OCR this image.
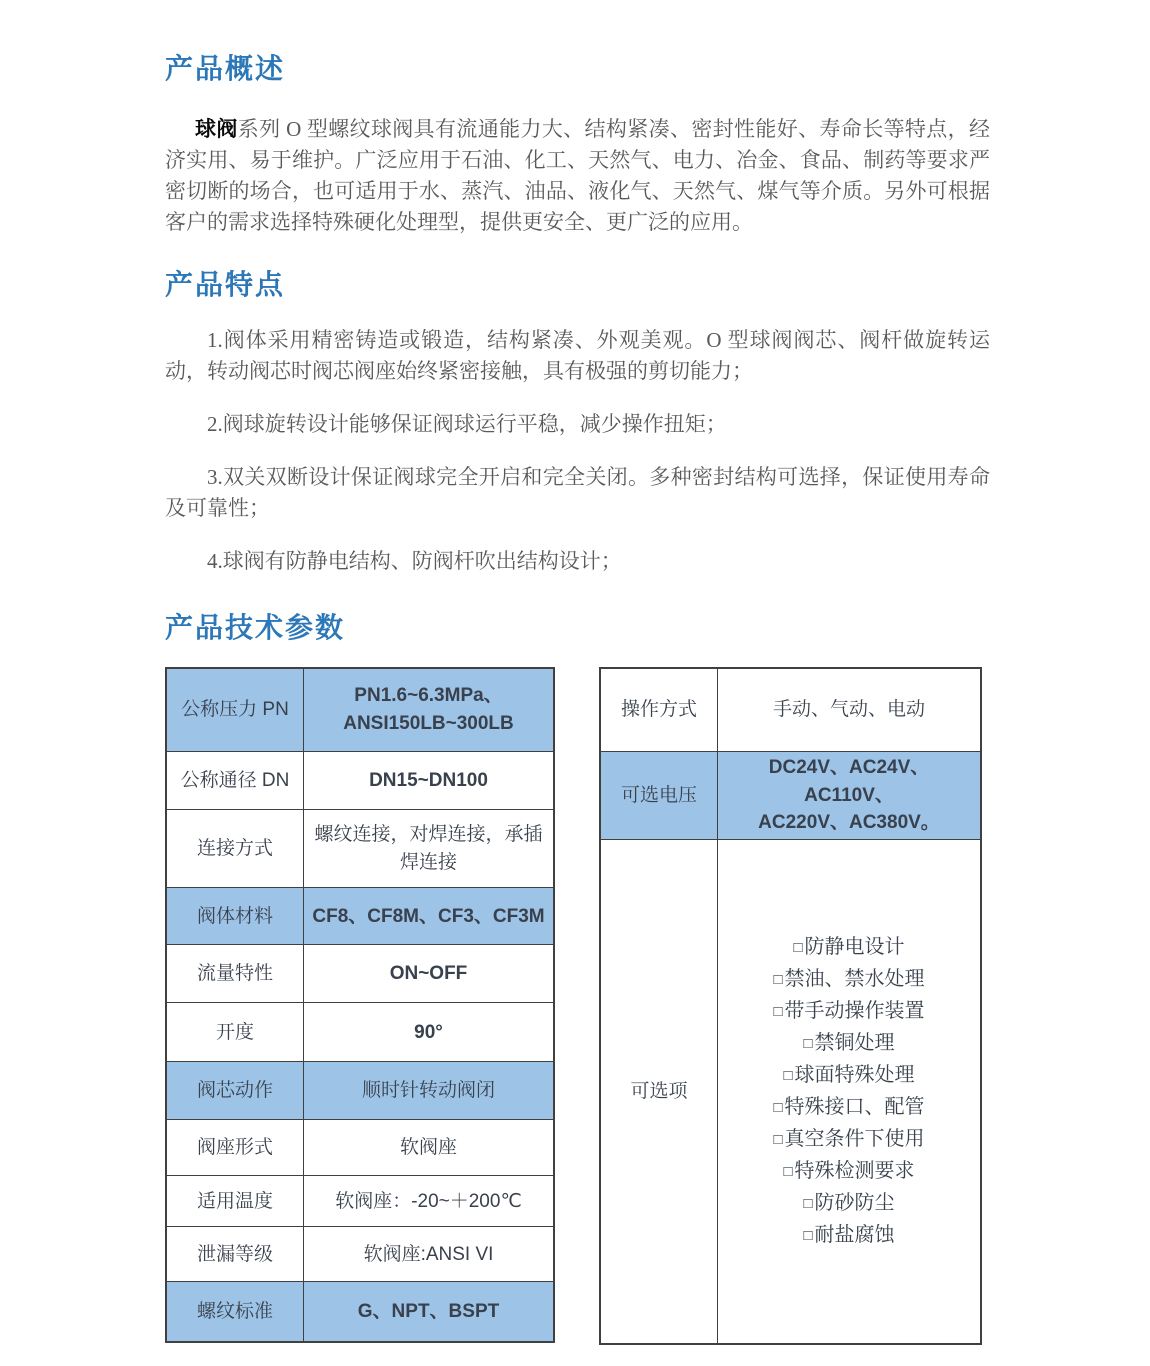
产品概述

球阀系列 O 型螺纹球阀具有流通能力大、结构紧凑、密封性能好、寿命长等特点，经济实用、易于维护。广泛应用于石油、化工、天然气、电力、冶金、食品、制药等要求严密切断的场合，也可适用于水、蒸汽、油品、液化气、天然气、煤气等介质。另外可根据客户的需求选择特殊硬化处理型，提供更安全、更广泛的应用。

产品特点

1.阀体采用精密铸造或锻造，结构紧凑、外观美观。O 型球阀阀芯、阀杆做旋转运动，转动阀芯时阀芯阀座始终紧密接触，具有极强的剪切能力；

2.阀球旋转设计能够保证阀球运行平稳，减少操作扭矩；

3.双关双断设计保证阀球完全开启和完全关闭。多种密封结构可选择，保证使用寿命及可靠性；

4.球阀有防静电结构、防阀杆吹出结构设计；

产品技术参数
公称压力 PN	PN1.6~6.3MPa、
ANSI150LB~300LB
公称通径 DN	DN15~DN100
连接方式	螺纹连接，对焊连接，承插
焊连接
阀体材料	CF8、CF8M、CF3、CF3M
流量特性	ON~OFF
开度	90°
阀芯动作	顺时针转动阀闭
阀座形式	软阀座
适用温度	软阀座：-20~＋200℃
泄漏等级	软阀座:ANSI VI
螺纹标准	G、NPT、BSPT
操作方式	手动、气动、电动
可选电压	DC24V、AC24V、AC110V、
AC220V、AC380V。
可选项	
□ 防静电设计
□ 禁油、禁水处理
□ 带手动操作装置
□ 禁铜处理
□ 球面特殊处理
□ 特殊接口、配管
□ 真空条件下使用
□ 特殊检测要求
□ 防砂防尘
□ 耐盐腐蚀
